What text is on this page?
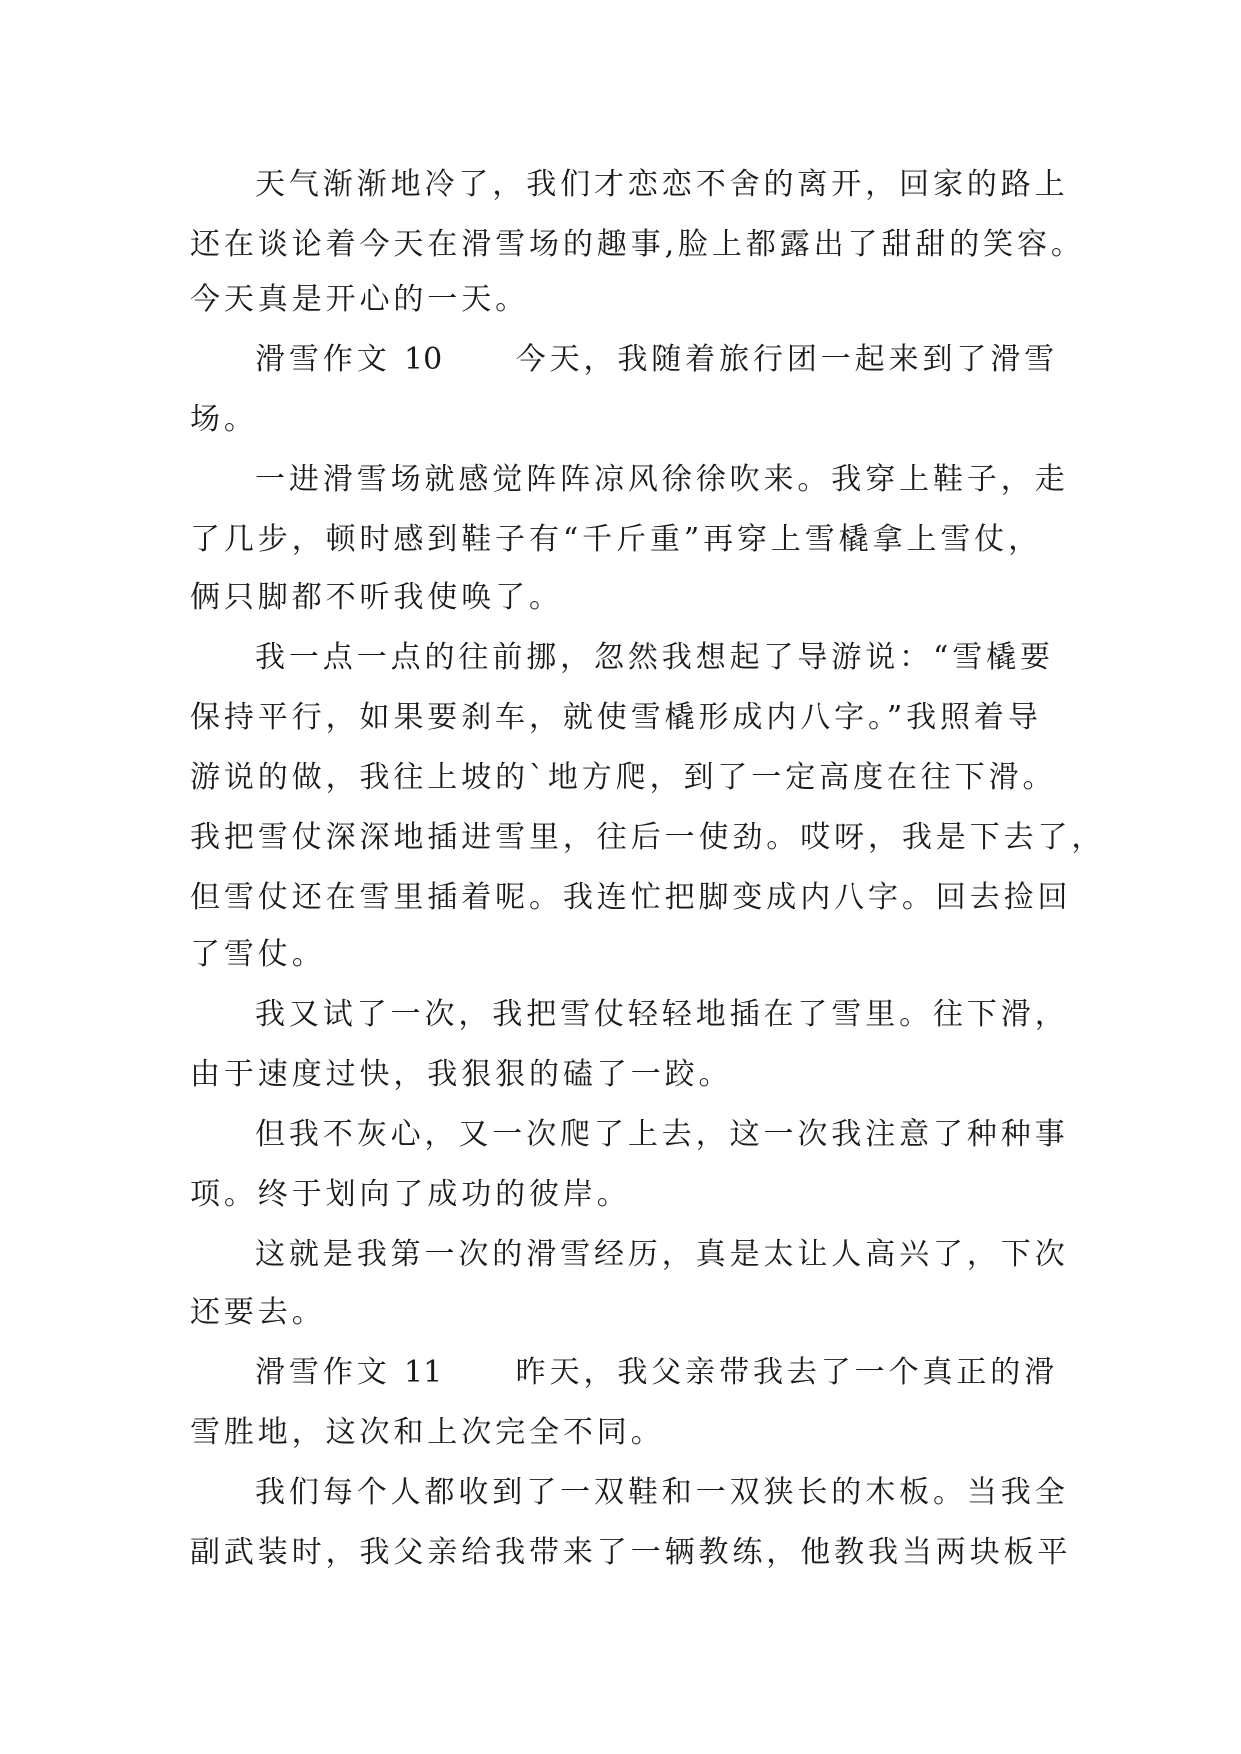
天气渐渐地冷了，我们才恋恋不舍的离开，回家的路上
还在谈论着今天在滑雪场的趣事,脸上都露出了甜甜的笑容。
今天真是开心的一天。
滑雪作文 10 今天，我随着旅行团一起来到了滑雪
场。
一进滑雪场就感觉阵阵凉风徐徐吹来。我穿上鞋子，走
了几步，顿时感到鞋子有“千斤重”再穿上雪橇拿上雪仗，
俩只脚都不听我使唤了。
我一点一点的往前挪，忽然我想起了导游说：“雪橇要
保持平行，如果要刹车，就使雪橇形成内八字。”我照着导
游说的做，我往上坡的`地方爬，到了一定高度在往下滑。
我把雪仗深深地插进雪里，往后一使劲。哎呀，我是下去了，
但雪仗还在雪里插着呢。我连忙把脚变成内八字。回去捡回
了雪仗。
我又试了一次，我把雪仗轻轻地插在了雪里。往下滑，
由于速度过快，我狠狠的磕了一跤。
但我不灰心，又一次爬了上去，这一次我注意了种种事
项。终于划向了成功的彼岸。
这就是我第一次的滑雪经历，真是太让人高兴了，下次
还要去。
滑雪作文 11 昨天，我父亲带我去了一个真正的滑
雪胜地，这次和上次完全不同。
我们每个人都收到了一双鞋和一双狭长的木板。当我全
副武装时，我父亲给我带来了一辆教练，他教我当两块板平
